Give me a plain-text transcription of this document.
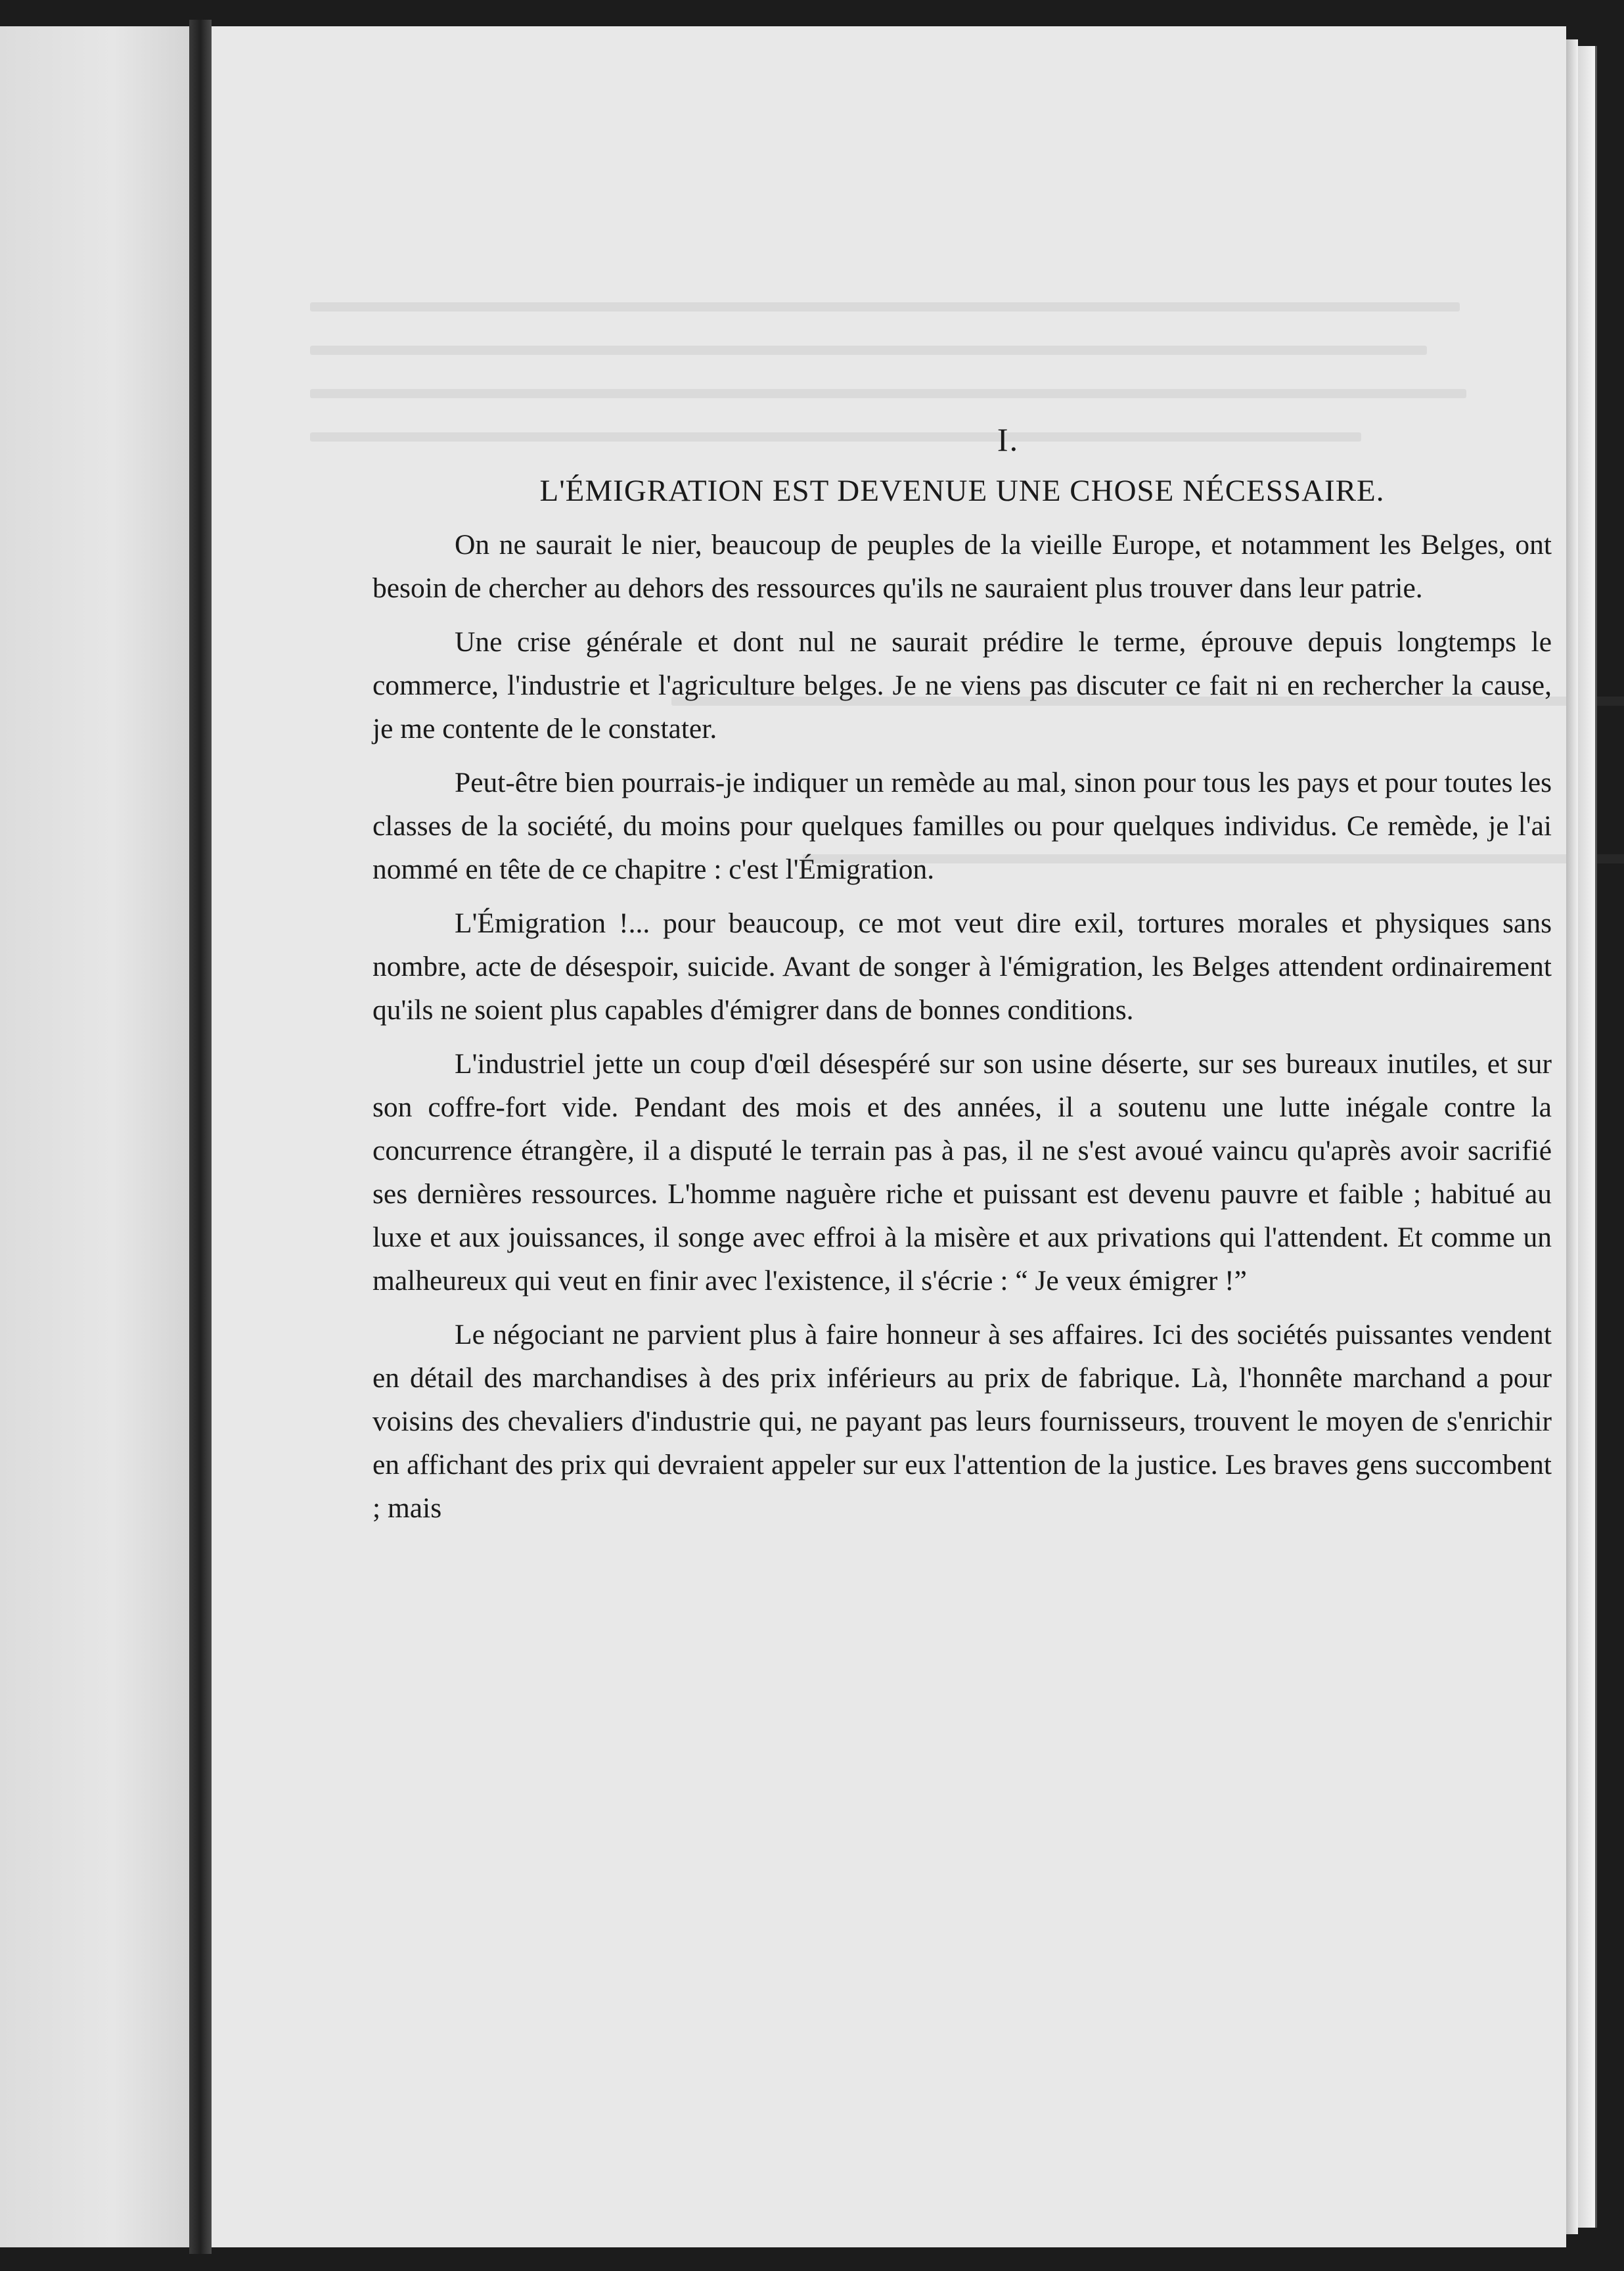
I.
L'ÉMIGRATION EST DEVENUE UNE CHOSE NÉCESSAIRE.

On ne saurait le nier, beaucoup de peuples de la vieille Europe, et notamment les Belges, ont besoin de chercher au dehors des ressources qu'ils ne sauraient plus trouver dans leur patrie.

Une crise générale et dont nul ne saurait prédire le terme, éprouve depuis longtemps le commerce, l'industrie et l'agriculture belges. Je ne viens pas discuter ce fait ni en rechercher la cause, je me contente de le constater.

Peut-être bien pourrais-je indiquer un remède au mal, sinon pour tous les pays et pour toutes les classes de la société, du moins pour quelques familles ou pour quelques individus. Ce remède, je l'ai nommé en tête de ce chapitre : c'est l'Émigration.

L'Émigration !... pour beaucoup, ce mot veut dire exil, tortures morales et physiques sans nombre, acte de désespoir, suicide. Avant de songer à l'émigration, les Belges attendent ordinairement qu'ils ne soient plus capables d'émigrer dans de bonnes conditions.

L'industriel jette un coup d'œil désespéré sur son usine déserte, sur ses bureaux inutiles, et sur son coffre-fort vide. Pendant des mois et des années, il a soutenu une lutte inégale contre la concurrence étrangère, il a disputé le terrain pas à pas, il ne s'est avoué vaincu qu'après avoir sacrifié ses dernières ressources. L'homme naguère riche et puissant est devenu pauvre et faible ; habitué au luxe et aux jouissances, il songe avec effroi à la misère et aux privations qui l'attendent. Et comme un malheureux qui veut en finir avec l'existence, il s'écrie : “ Je veux émigrer !”

Le négociant ne parvient plus à faire honneur à ses affaires. Ici des sociétés puissantes vendent en détail des marchandises à des prix inférieurs au prix de fabrique. Là, l'honnête marchand a pour voisins des chevaliers d'industrie qui, ne payant pas leurs fournisseurs, trouvent le moyen de s'enrichir en affichant des prix qui devraient appeler sur eux l'attention de la justice. Les braves gens succombent ; mais
